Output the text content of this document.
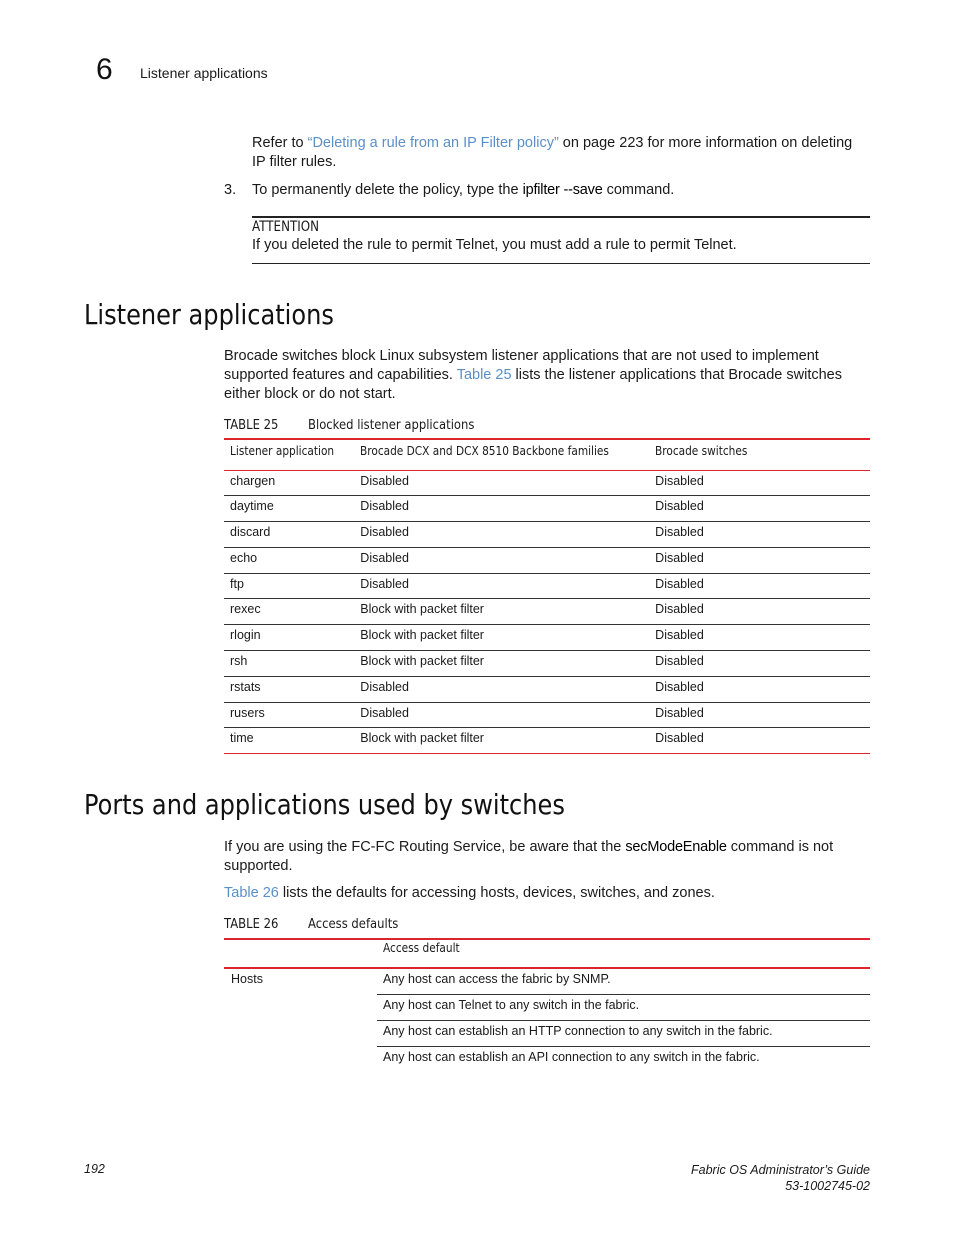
6 Listener applications

Refer to “Deleting a rule from an IP Filter policy” on page 223 for more information on deleting

IP filter rules.

3. To permanently delete the policy, type the ipfilter --save command.

ATTENTION
If you deleted the rule to permit Telnet, you must add a rule to permit Telnet.
Listener applications

Brocade switches block Linux subsystem listener applications that are not used to implement

supported features and capabilities. Table 25 lists the listener applications that Brocade switches

either block or do not start.

TABLE 25 Blocked listener applications
Listener application	Brocade DCX and DCX 8510 Backbone families	Brocade switches
chargen	Disabled	Disabled
daytime	Disabled	Disabled
discard	Disabled	Disabled
echo	Disabled	Disabled
ftp	Disabled	Disabled
rexec	Block with packet filter	Disabled
rlogin	Block with packet filter	Disabled
rsh	Block with packet filter	Disabled
rstats	Disabled	Disabled
rusers	Disabled	Disabled
time	Block with packet filter	Disabled
Ports and applications used by switches

If you are using the FC-FC Routing Service, be aware that the secModeEnable command is not

supported.

Table 26 lists the defaults for accessing hosts, devices, switches, and zones.

TABLE 26 Access defaults
Access default
Hosts	Any host can access the fabric by SNMP.
Any host can Telnet to any switch in the fabric.
Any host can establish an HTTP connection to any switch in the fabric.
Any host can establish an API connection to any switch in the fabric.
192	Fabric OS Administrator’s Guide
53-1002745-02
